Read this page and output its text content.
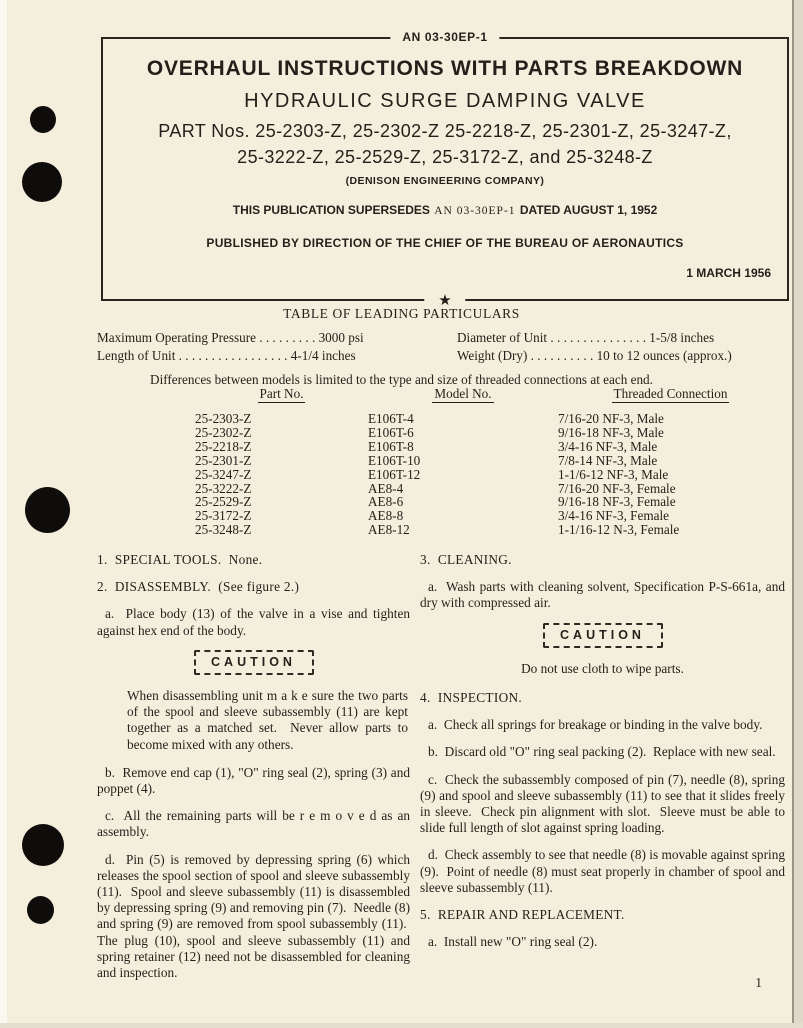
AN 03-30EP-1
OVERHAUL INSTRUCTIONS WITH PARTS BREAKDOWN
HYDRAULIC SURGE DAMPING VALVE
PART Nos. 25-2303-Z, 25-2302-Z 25-2218-Z, 25-2301-Z, 25-3247-Z,
25-3222-Z, 25-2529-Z, 25-3172-Z, and 25-3248-Z
(DENISON ENGINEERING COMPANY)
THIS PUBLICATION SUPERSEDES AN 03-30EP-1 DATED AUGUST 1, 1952
PUBLISHED BY DIRECTION OF THE CHIEF OF THE BUREAU OF AERONAUTICS
1 MARCH 1956
★
TABLE OF LEADING PARTICULARS
Maximum Operating Pressure . . . . . . . . . 3000 psi
Length of Unit . . . . . . . . . . . . . . . . . 4-1/4 inches
Diameter of Unit . . . . . . . . . . . . . . . 1-5/8 inches
Weight (Dry) . . . . . . . . . . 10 to 12 ounces (approx.)
Differences between models is limited to the type and size of threaded connections at each end.
Part No.	Model No.	Threaded Connection
25-2303-Z	E106T-4	7/16-20 NF-3, Male
25-2302-Z	E106T-6	9/16-18 NF-3, Male
25-2218-Z	E106T-8	3/4-16 NF-3, Male
25-2301-Z	E106T-10	7/8-14 NF-3, Male
25-3247-Z	E106T-12	1-1/6-12 NF-3, Male
25-3222-Z	AE8-4	7/16-20 NF-3, Female
25-2529-Z	AE8-6	9/16-18 NF-3, Female
25-3172-Z	AE8-8	3/4-16 NF-3, Female
25-3248-Z	AE8-12	1-1/16-12 N-3, Female
1.  SPECIAL TOOLS.  None.
2.  DISASSEMBLY.  (See figure 2.)
a.  Place body (13) of the valve in a vise and tighten against hex end of the body.
CAUTION
When disassembling unit m a k e sure the two parts of the spool and sleeve subassembly (11) are kept together as a matched set.  Never allow parts to become mixed with any others.
b.  Remove end cap (1), "O" ring seal (2), spring (3) and poppet (4).
c.  All the remaining parts will be r e m o v e d as an assembly.
d.  Pin (5) is removed by depressing spring (6) which releases the spool section of spool and sleeve subassembly (11).  Spool and sleeve subassembly (11) is disassembled by depressing spring (9) and removing pin (7).  Needle (8) and spring (9) are removed from spool subassembly (11).  The plug (10), spool and sleeve subassembly (11) and spring retainer (12) need not be disassembled for cleaning and inspection.
3.  CLEANING.
a.  Wash parts with cleaning solvent, Specification P-S-661a, and dry with compressed air.
CAUTION
Do not use cloth to wipe parts.
4.  INSPECTION.
a.  Check all springs for breakage or binding in the valve body.
b.  Discard old "O" ring seal packing (2).  Replace with new seal.
c.  Check the subassembly composed of pin (7), needle (8), spring (9) and spool and sleeve subassembly (11) to see that it slides freely in sleeve.  Check pin alignment with slot.  Sleeve must be able to slide full length of slot against spring loading.
d.  Check assembly to see that needle (8) is movable against spring (9).  Point of needle (8) must seat properly in chamber of spool and sleeve subassembly (11).
5.  REPAIR AND REPLACEMENT.
a.  Install new "O" ring seal (2).
1
